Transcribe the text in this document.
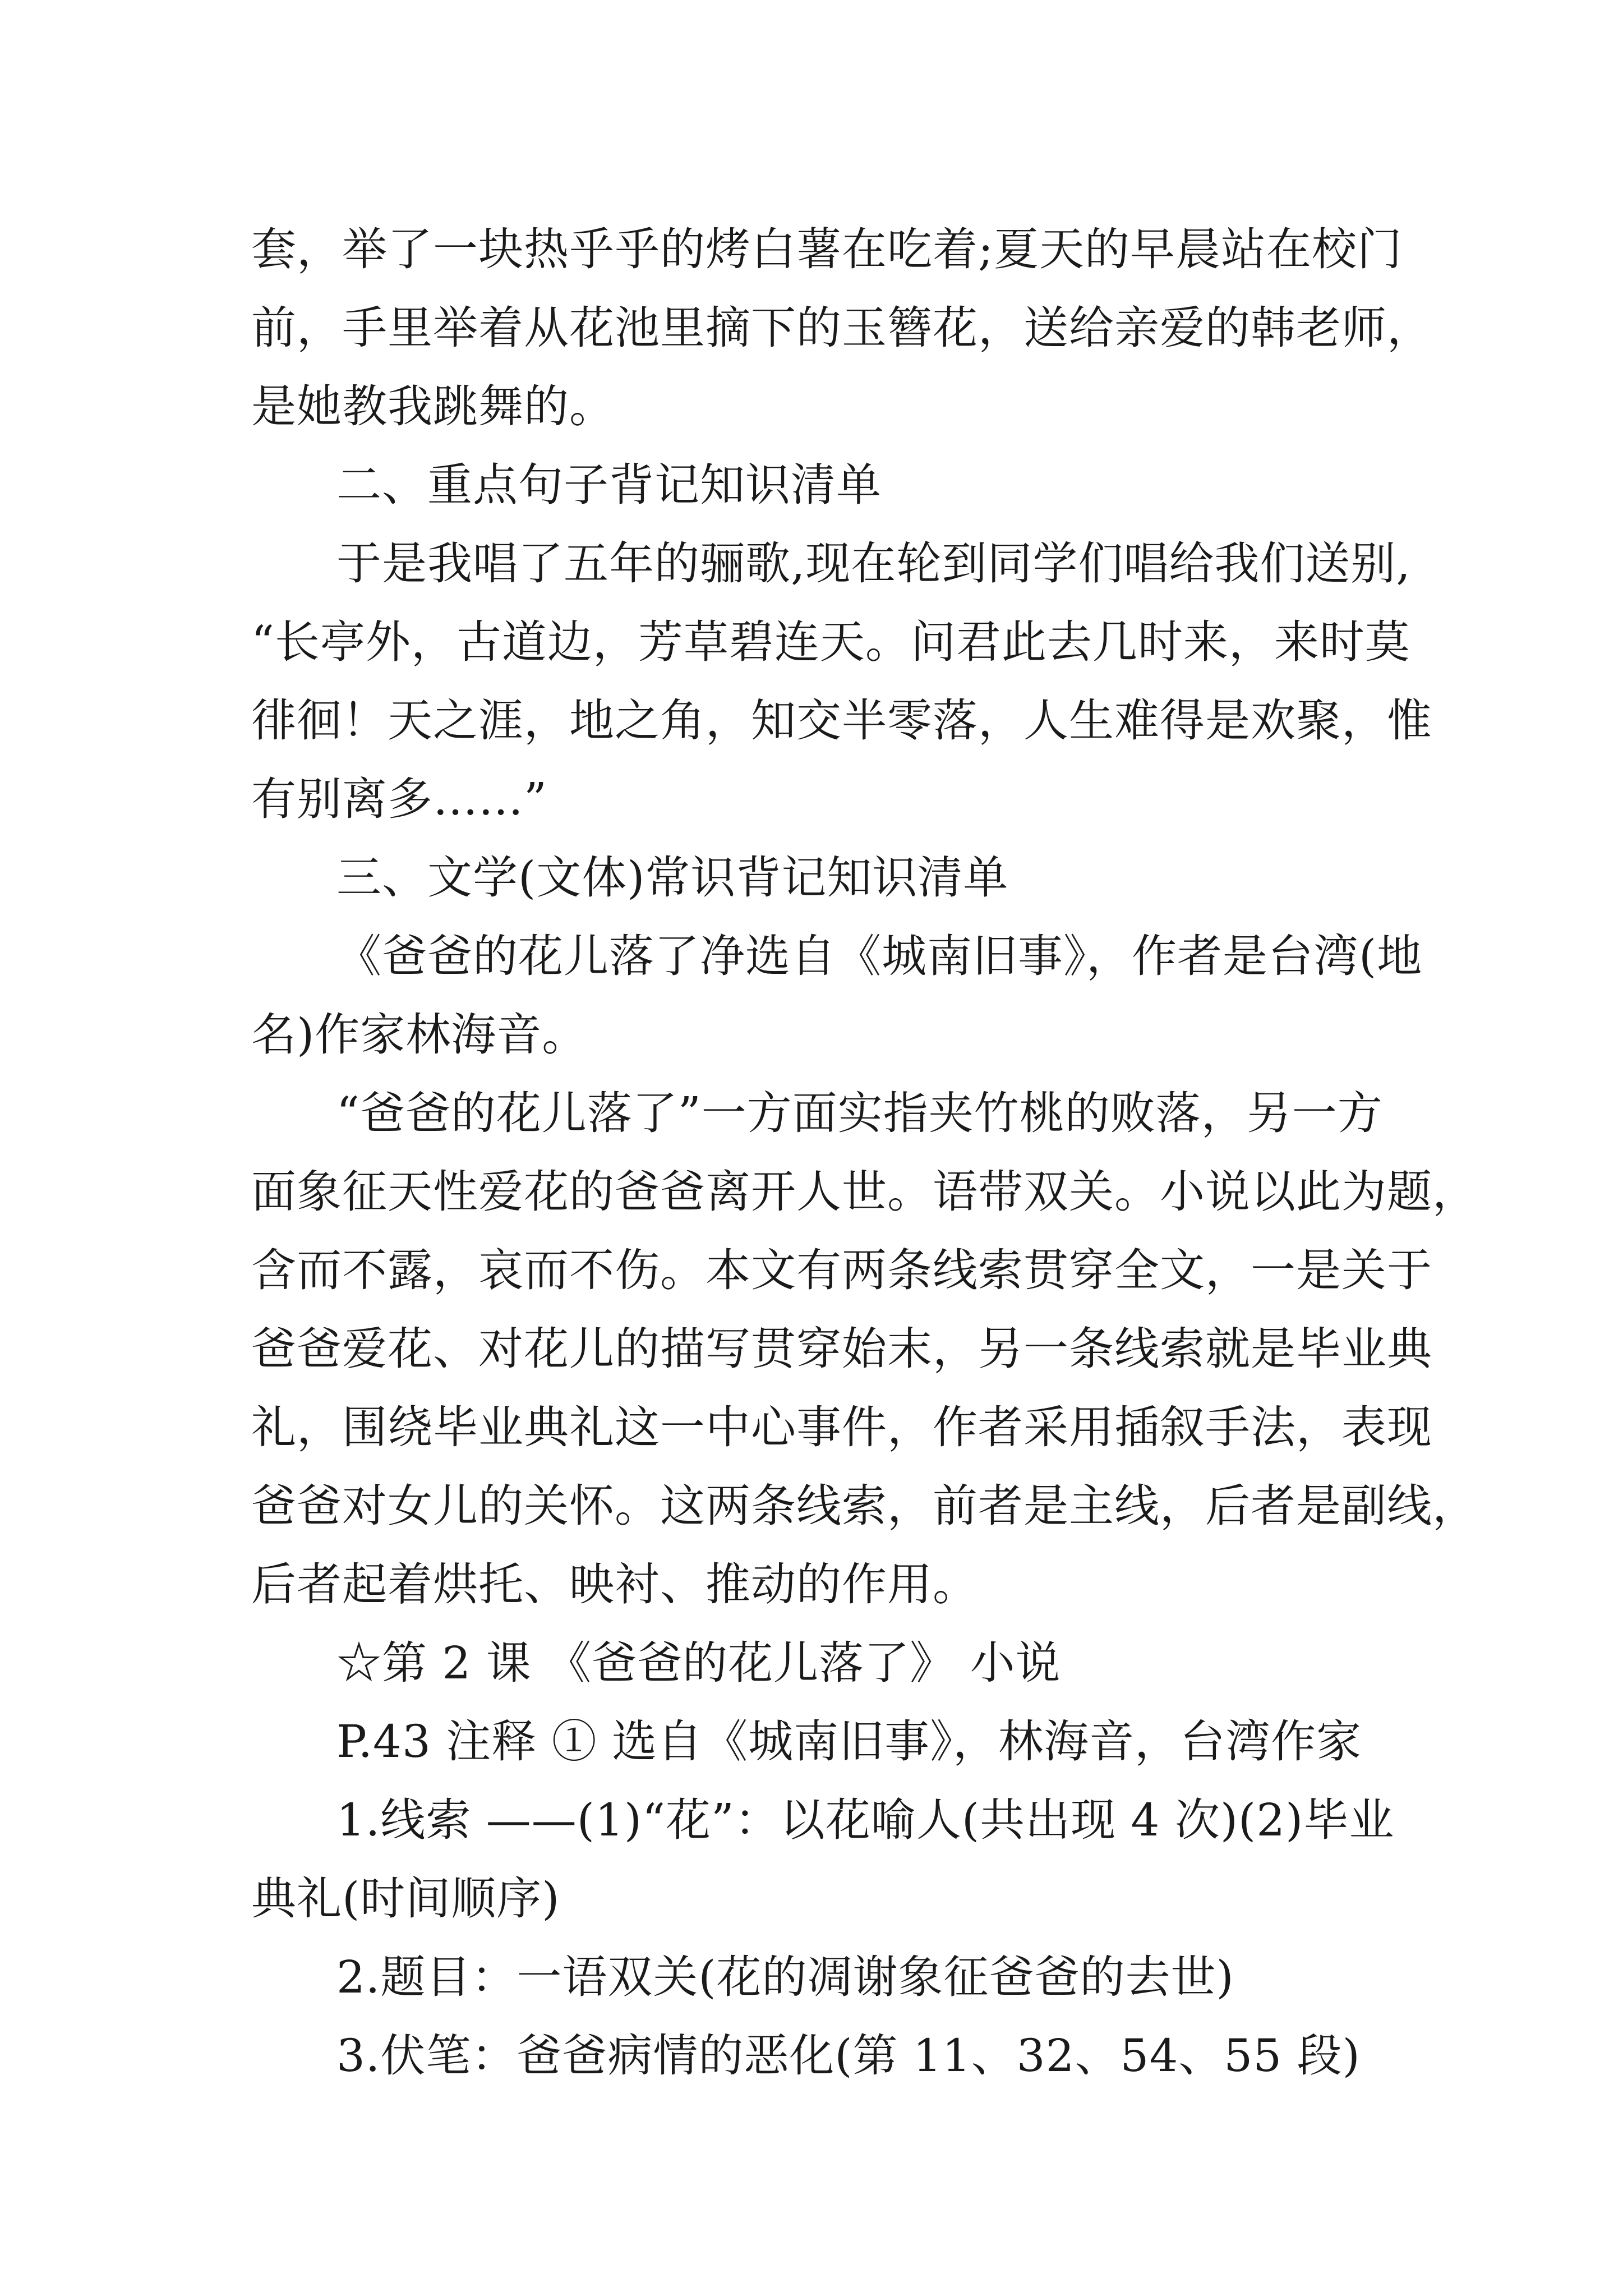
套，举了一块热乎乎的烤白薯在吃着;夏天的早晨站在校门
前，手里举着从花池里摘下的玉簪花，送给亲爱的韩老师，
是她教我跳舞的。
二、重点句子背记知识清单
于是我唱了五年的骊歌,现在轮到同学们唱给我们送别,
“长亭外，古道边，芳草碧连天。问君此去几时来，来时莫
徘徊！天之涯，地之角，知交半零落，人生难得是欢聚，惟
有别离多……”
三、文学(文体)常识背记知识清单
《爸爸的花儿落了净选自《城南旧事》，作者是台湾(地
名)作家林海音。
“爸爸的花儿落了”一方面实指夹竹桃的败落，另一方
面象征天性爱花的爸爸离开人世。语带双关。小说以此为题，
含而不露，哀而不伤。本文有两条线索贯穿全文，一是关于
爸爸爱花、对花儿的描写贯穿始末，另一条线索就是毕业典
礼，围绕毕业典礼这一中心事件，作者采用插叙手法，表现
爸爸对女儿的关怀。这两条线索，前者是主线，后者是副线，
后者起着烘托、映衬、推动的作用。
☆第 2 课 《爸爸的花儿落了》 小说
P.43 注释 ① 选自《城南旧事》，林海音，台湾作家
1.线索 ——(1)“花”：以花喻人(共出现 4 次)(2)毕业
典礼(时间顺序)
2.题目：一语双关(花的凋谢象征爸爸的去世)
3.伏笔：爸爸病情的恶化(第 11、32、54、55 段)
